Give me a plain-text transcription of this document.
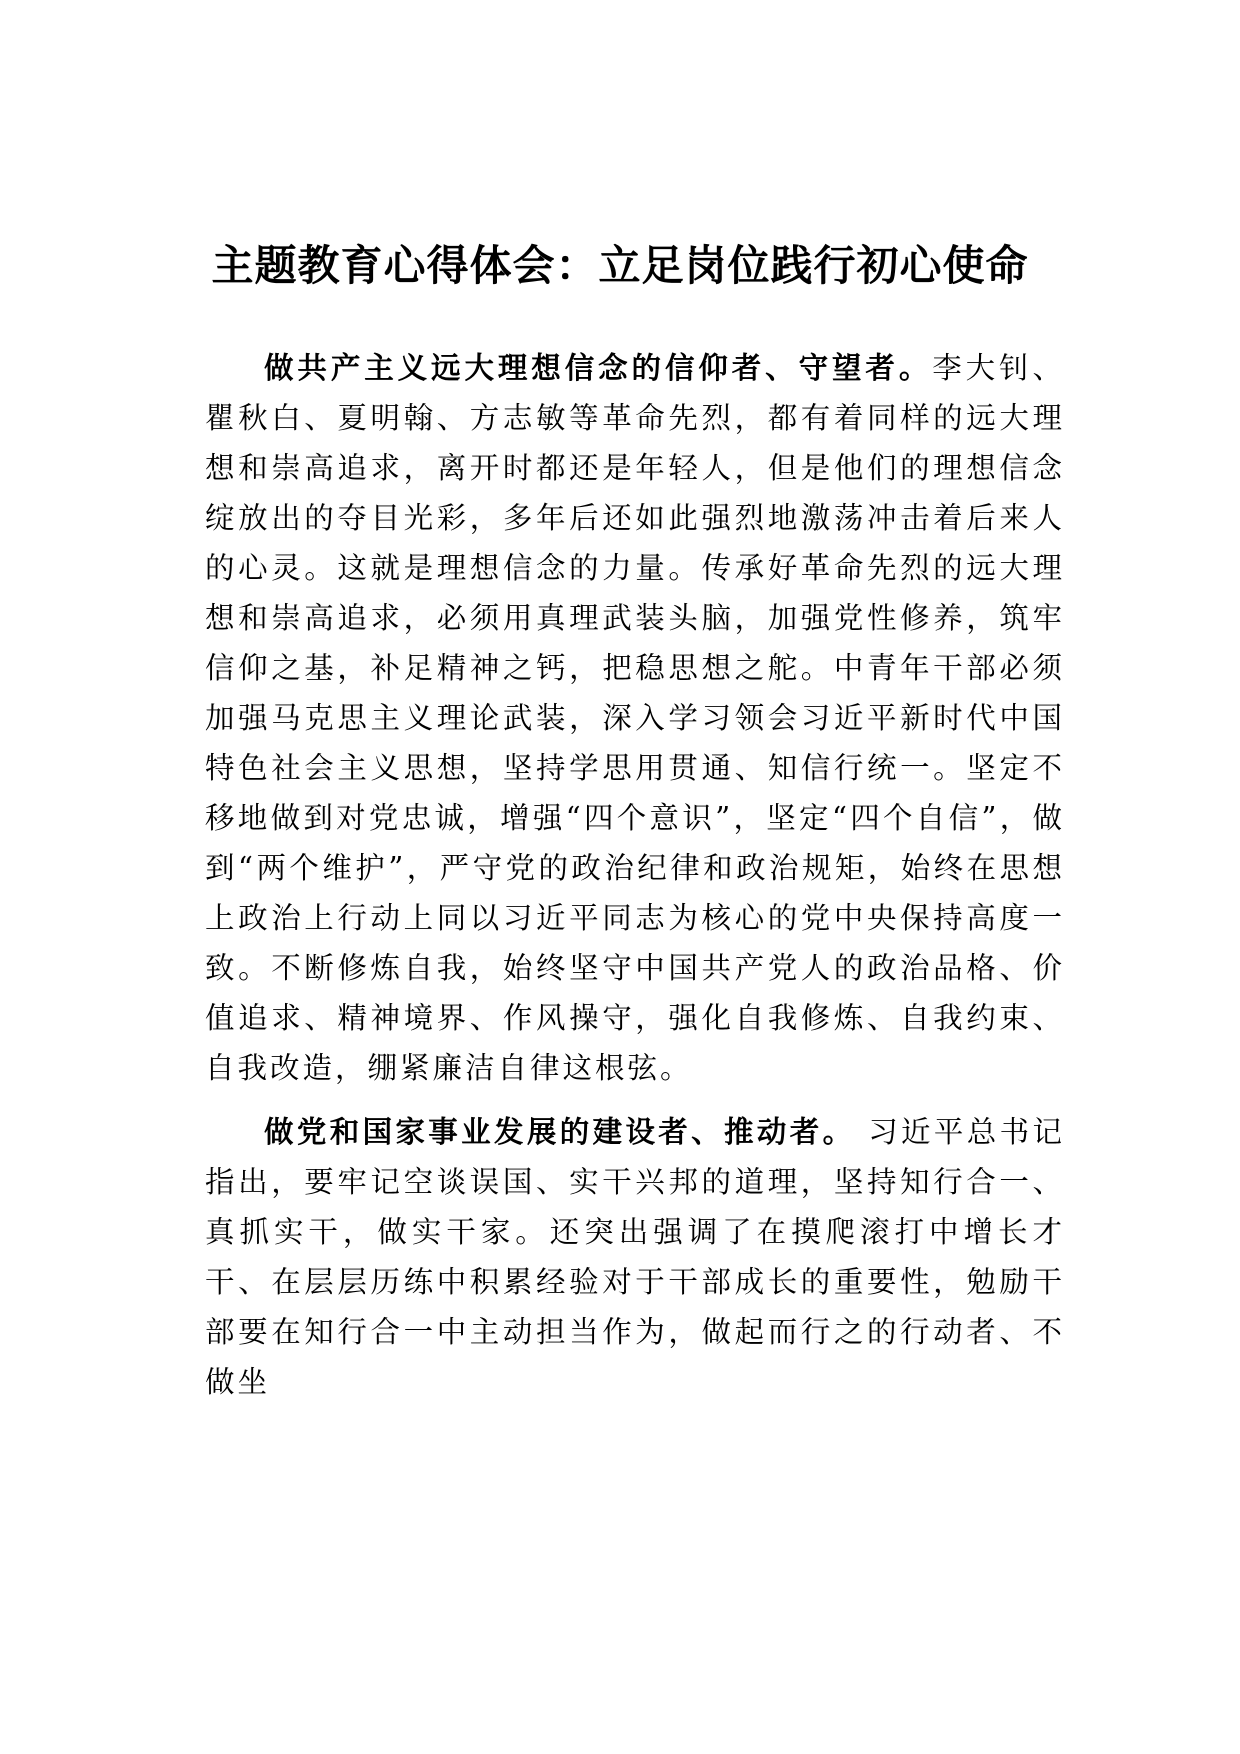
主题教育心得体会：立足岗位践行初心使命

做共产主义远大理想信念的信仰者、守望者。李大钊、瞿秋白、夏明翰、方志敏等革命先烈，都有着同样的远大理想和崇高追求，离开时都还是年轻人，但是他们的理想信念绽放出的夺目光彩，多年后还如此强烈地激荡冲击着后来人的心灵。这就是理想信念的力量。传承好革命先烈的远大理想和崇高追求，必须用真理武装头脑，加强党性修养，筑牢信仰之基，补足精神之钙，把稳思想之舵。中青年干部必须加强马克思主义理论武装，深入学习领会习近平新时代中国特色社会主义思想，坚持学思用贯通、知信行统一。坚定不移地做到对党忠诚，增强“四个意识”，坚定“四个自信”，做到“两个维护”，严守党的政治纪律和政治规矩，始终在思想上政治上行动上同以习近平同志为核心的党中央保持高度一致。不断修炼自我，始终坚守中国共产党人的政治品格、价值追求、精神境界、作风操守，强化自我修炼、自我约束、自我改造，绷紧廉洁自律这根弦。

做党和国家事业发展的建设者、推动者。 习近平总书记指出，要牢记空谈误国、实干兴邦的道理，坚持知行合一、真抓实干，做实干家。还突出强调了在摸爬滚打中增长才干、在层层历练中积累经验对于干部成长的重要性，勉励干部要在知行合一中主动担当作为，做起而行之的行动者、不做坐
